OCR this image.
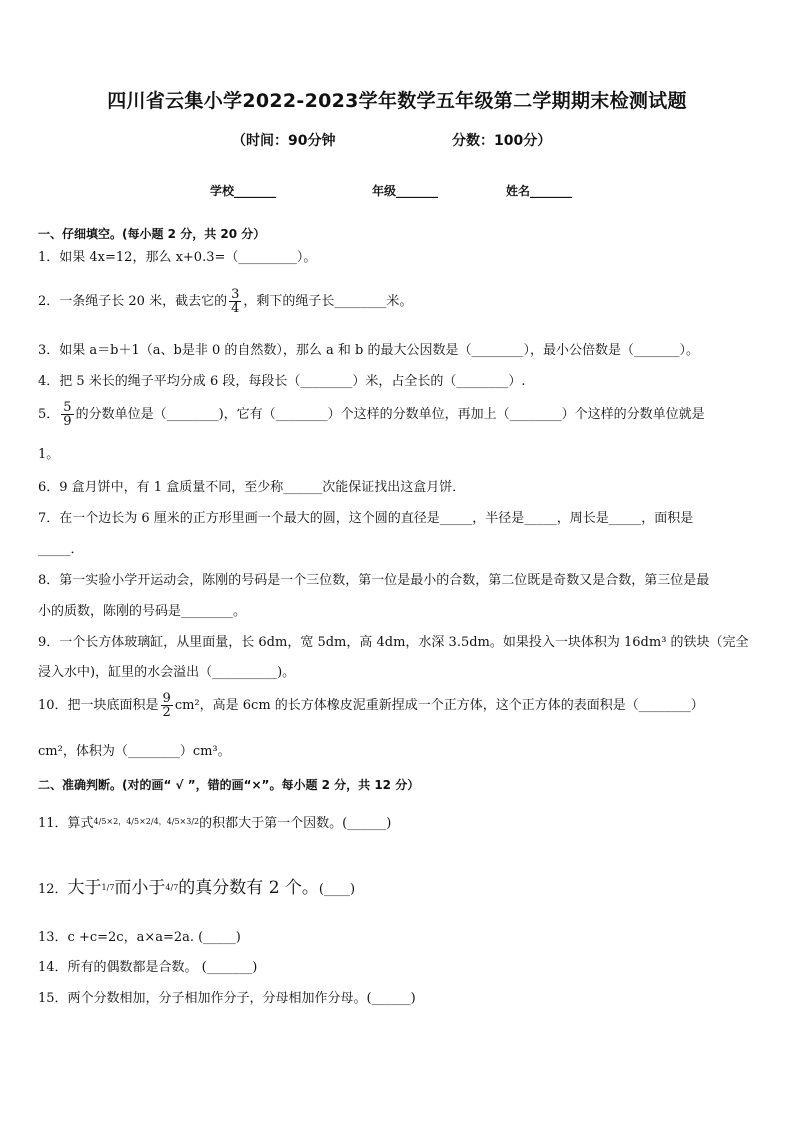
四川省云集小学2022-2023学年数学五年级第二学期期末检测试题
（时间：90分钟	分数：100分）
学校_______	年级_______	姓名_______
一、仔细填空。(每小题 2 分，共 20 分）
1．如果 4x=12，那么 x+0.3=（_________）。
2．一条绳子长 20 米，截去它的 $\frac{3}{4}$ ，剩下的绳子长________米。
3．如果 a＝b＋1（a、b是非 0 的自然数），那么 a 和 b 的最大公因数是（________），最小公倍数是（_______）。
4．把 5 米长的绳子平均分成 6 段，每段长（________）米，占全长的（________）.
5． $\frac{5}{9}$ 的分数单位是（________)，它有（________）个这样的分数单位，再加上（________）个这样的分数单位就是
1。
6．9 盒月饼中，有 1 盒质量不同，至少称______次能保证找出这盒月饼．
7．在一个边长为 6 厘米的正方形里画一个最大的圆，这个圆的直径是_____，半径是_____，周长是_____，面积是
_____．
8．第一实验小学开运动会，陈刚的号码是一个三位数，第一位是最小的合数，第二位既是奇数又是合数，第三位是最
小的质数，陈刚的号码是________。
9．一个长方体玻璃缸，从里面量，长 6dm，宽 5dm，高 4dm，水深 3.5dm。如果投入一块体积为 16dm³ 的铁块（完全
浸入水中)，缸里的水会溢出（__________)。
10．把一块底面积是 $\frac{9}{2} cm^2$，高是 6cm 的长方体橡皮泥重新捏成一个正方体，这个正方体的表面积是（________）
cm²，体积为（________）cm³。
二、准确判断。(对的画“ √ ”，错的画“×”。每小题 2 分，共 12 分）
11．算式4/5×2，4/5×2/4，4/5×3/2的积都大于第一个因数。(______)
12．大于1/7而小于4/7的真分数有 2 个。(____)
13．c +c=2c，a×a=2a. (_____)
14．所有的偶数都是合数。 (_______)
15．两个分数相加，分子相加作分子，分母相加作分母。(______)
